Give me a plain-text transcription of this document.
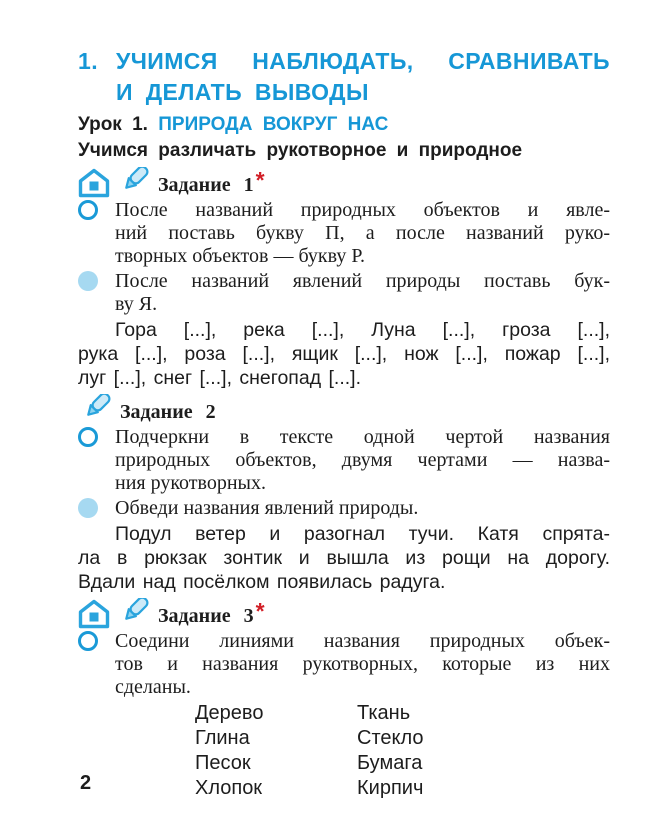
1. УЧИМСЯ НАБЛЮДАТЬ, СРАВНИВАТЬ
И ДЕЛАТЬ ВЫВОДЫ
Урок 1. ПРИРОДА ВОКРУГ НАС
Учимся различать рукотворное и природное
Задание 1*
После названий природных объектов и явле-
ний поставь букву П, а после названий руко-
творных объектов — букву Р.
После названий явлений природы поставь бук-
ву Я.
Гора [...], река [...], Луна [...], гроза [...],
рука [...], роза [...], ящик [...], нож [...], пожар [...],
луг [...], снег [...], снегопад [...].
Задание 2
Подчеркни в тексте одной чертой названия
природных объектов, двумя чертами — назва-
ния рукотворных.
Обведи названия явлений природы.
Подул ветер и разогнал тучи. Катя спрята-
ла в рюкзак зонтик и вышла из рощи на дорогу.
Вдали над посёлком появилась радуга.
Задание 3*
Соедини линиями названия природных объек-
тов и названия рукотворных, которые из них
сделаны.
Дерево
Глина
Песок
Хлопок
Ткань
Стекло
Бумага
Кирпич
2
